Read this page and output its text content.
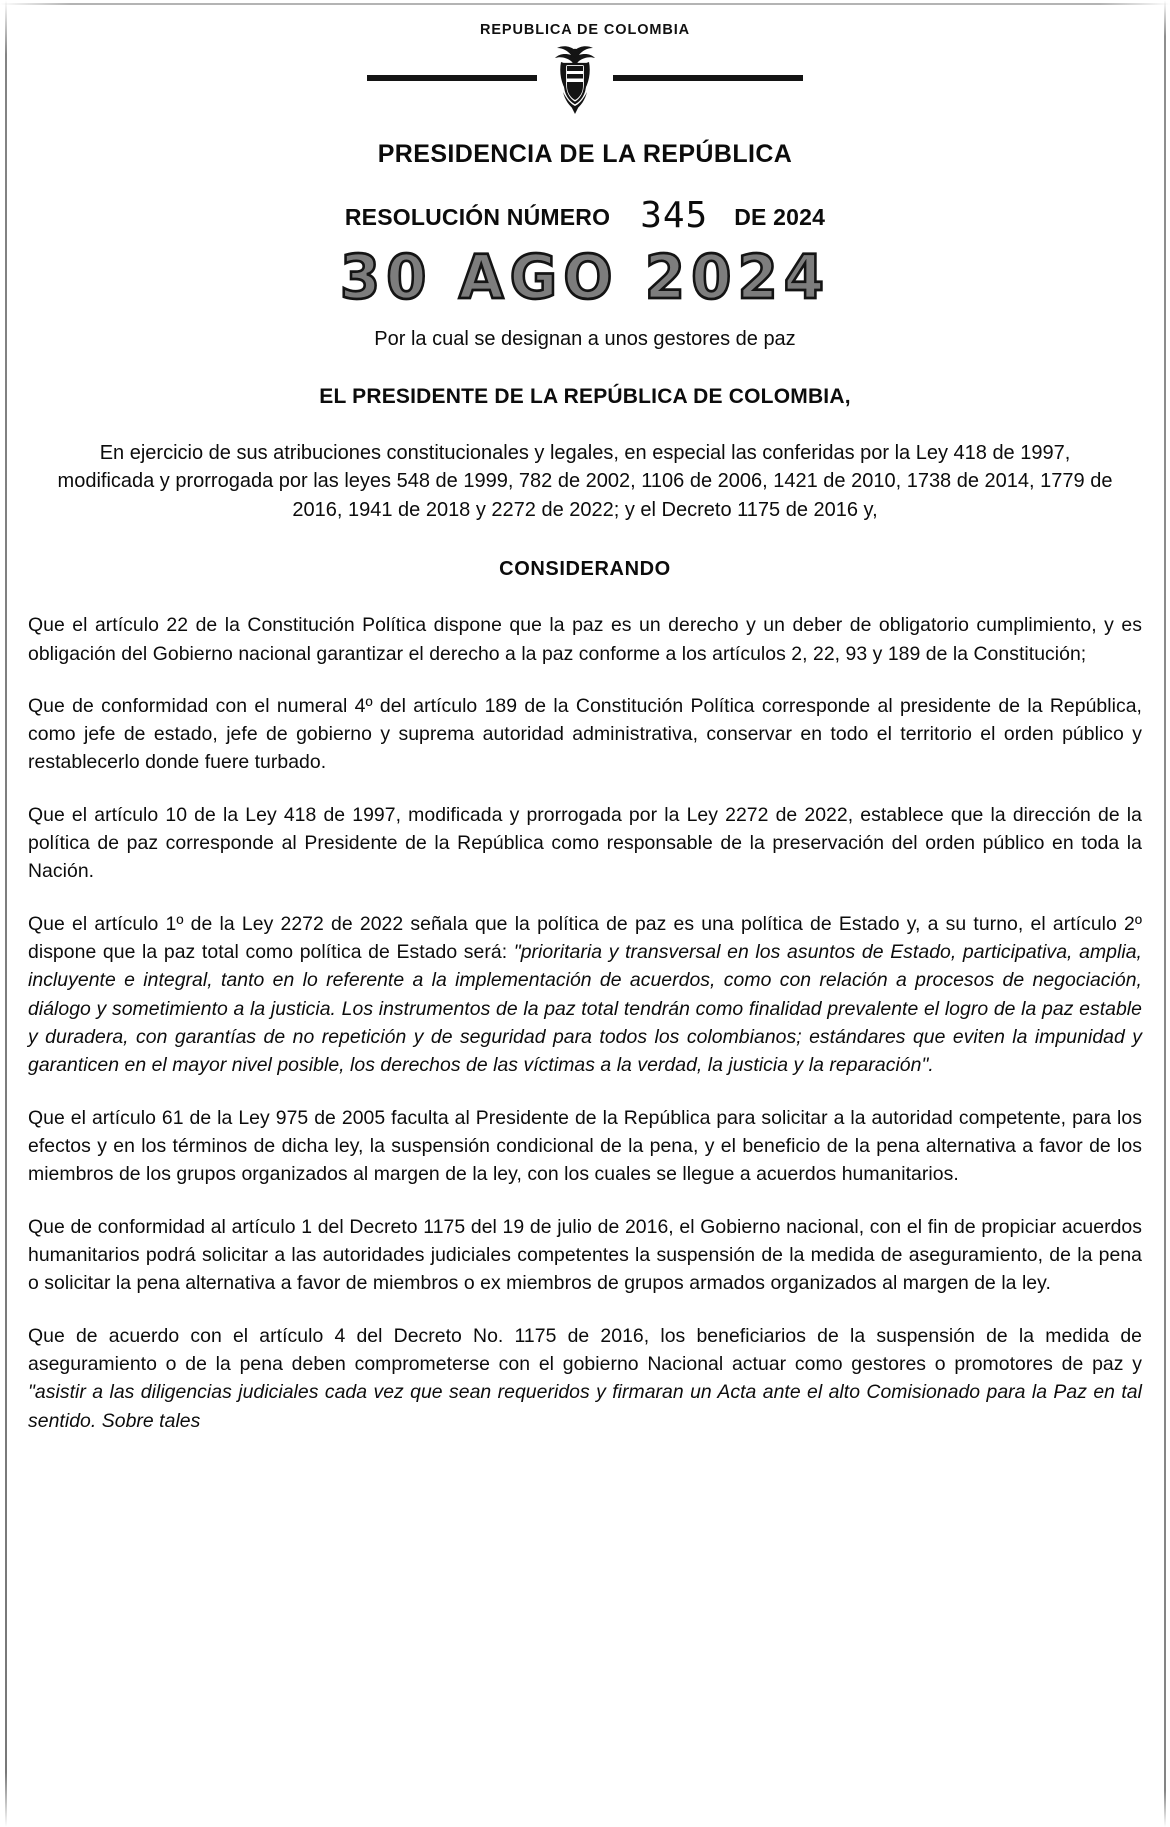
REPUBLICA DE COLOMBIA
PRESIDENCIA DE LA REPÚBLICA
RESOLUCIÓN NÚMERO 345 DE 2024
30 AGO 2024
Por la cual se designan a unos gestores de paz
EL PRESIDENTE DE LA REPÚBLICA DE COLOMBIA,
En ejercicio de sus atribuciones constitucionales y legales, en especial las conferidas por la Ley 418 de 1997, modificada y prorrogada por las leyes 548 de 1999, 782 de 2002, 1106 de 2006, 1421 de 2010, 1738 de 2014, 1779 de 2016, 1941 de 2018 y 2272 de 2022; y el Decreto 1175 de 2016 y,
CONSIDERANDO

Que el artículo 22 de la Constitución Política dispone que la paz es un derecho y un deber de obligatorio cumplimiento, y es obligación del Gobierno nacional garantizar el derecho a la paz conforme a los artículos 2, 22, 93 y 189 de la Constitución;

Que de conformidad con el numeral 4º del artículo 189 de la Constitución Política corresponde al presidente de la República, como jefe de estado, jefe de gobierno y suprema autoridad administrativa, conservar en todo el territorio el orden público y restablecerlo donde fuere turbado.

Que el artículo 10 de la Ley 418 de 1997, modificada y prorrogada por la Ley 2272 de 2022, establece que la dirección de la política de paz corresponde al Presidente de la República como responsable de la preservación del orden público en toda la Nación.

Que el artículo 1º de la Ley 2272 de 2022 señala que la política de paz es una política de Estado y, a su turno, el artículo 2º dispone que la paz total como política de Estado será: "prioritaria y transversal en los asuntos de Estado, participativa, amplia, incluyente e integral, tanto en lo referente a la implementación de acuerdos, como con relación a procesos de negociación, diálogo y sometimiento a la justicia. Los instrumentos de la paz total tendrán como finalidad prevalente el logro de la paz estable y duradera, con garantías de no repetición y de seguridad para todos los colombianos; estándares que eviten la impunidad y garanticen en el mayor nivel posible, los derechos de las víctimas a la verdad, la justicia y la reparación".

Que el artículo 61 de la Ley 975 de 2005 faculta al Presidente de la República para solicitar a la autoridad competente, para los efectos y en los términos de dicha ley, la suspensión condicional de la pena, y el beneficio de la pena alternativa a favor de los miembros de los grupos organizados al margen de la ley, con los cuales se llegue a acuerdos humanitarios.

Que de conformidad al artículo 1 del Decreto 1175 del 19 de julio de 2016, el Gobierno nacional, con el fin de propiciar acuerdos humanitarios podrá solicitar a las autoridades judiciales competentes la suspensión de la medida de aseguramiento, de la pena o solicitar la pena alternativa a favor de miembros o ex miembros de grupos armados organizados al margen de la ley.

Que de acuerdo con el artículo 4 del Decreto No. 1175 de 2016, los beneficiarios de la suspensión de la medida de aseguramiento o de la pena deben comprometerse con el gobierno Nacional actuar como gestores o promotores de paz y "asistir a las diligencias judiciales cada vez que sean requeridos y firmaran un Acta ante el alto Comisionado para la Paz en tal sentido. Sobre tales
